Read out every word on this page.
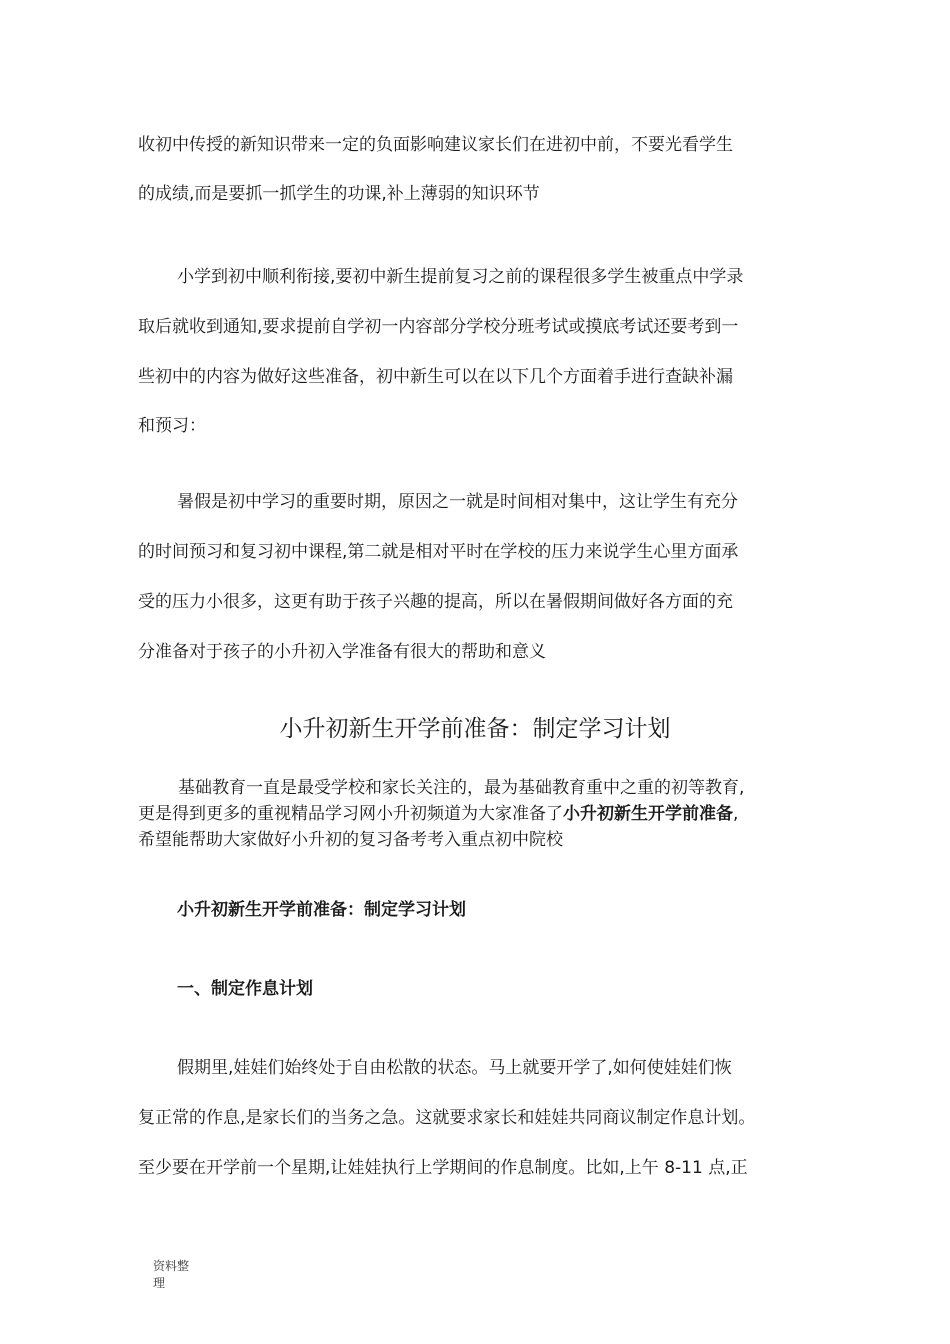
收初中传授的新知识带来一定的负面影响建议家长们在进初中前，不要光看学生
的成绩,而是要抓一抓学生的功课,补上薄弱的知识环节
小学到初中顺利衔接,要初中新生提前复习之前的课程很多学生被重点中学录
取后就收到通知,要求提前自学初一内容部分学校分班考试或摸底考试还要考到一
些初中的内容为做好这些准备，初中新生可以在以下几个方面着手进行查缺补漏
和预习：
暑假是初中学习的重要时期，原因之一就是时间相对集中，这让学生有充分
的时间预习和复习初中课程,第二就是相对平时在学校的压力来说学生心里方面承
受的压力小很多，这更有助于孩子兴趣的提高，所以在暑假期间做好各方面的充
分准备对于孩子的小升初入学准备有很大的帮助和意义
小升初新生开学前准备：制定学习计划
基础教育一直是最受学校和家长关注的，最为基础教育重中之重的初等教育,
更是得到更多的重视精品学习网小升初频道为大家准备了小升初新生开学前准备,
希望能帮助大家做好小升初的复习备考考入重点初中院校
小升初新生开学前准备：制定学习计划
一、制定作息计划
假期里,娃娃们始终处于自由松散的状态。马上就要开学了,如何使娃娃们恢
复正常的作息,是家长们的当务之急。这就要求家长和娃娃共同商议制定作息计划。
至少要在开学前一个星期,让娃娃执行上学期间的作息制度。比如,上午 8-11 点,正
资料整
理
